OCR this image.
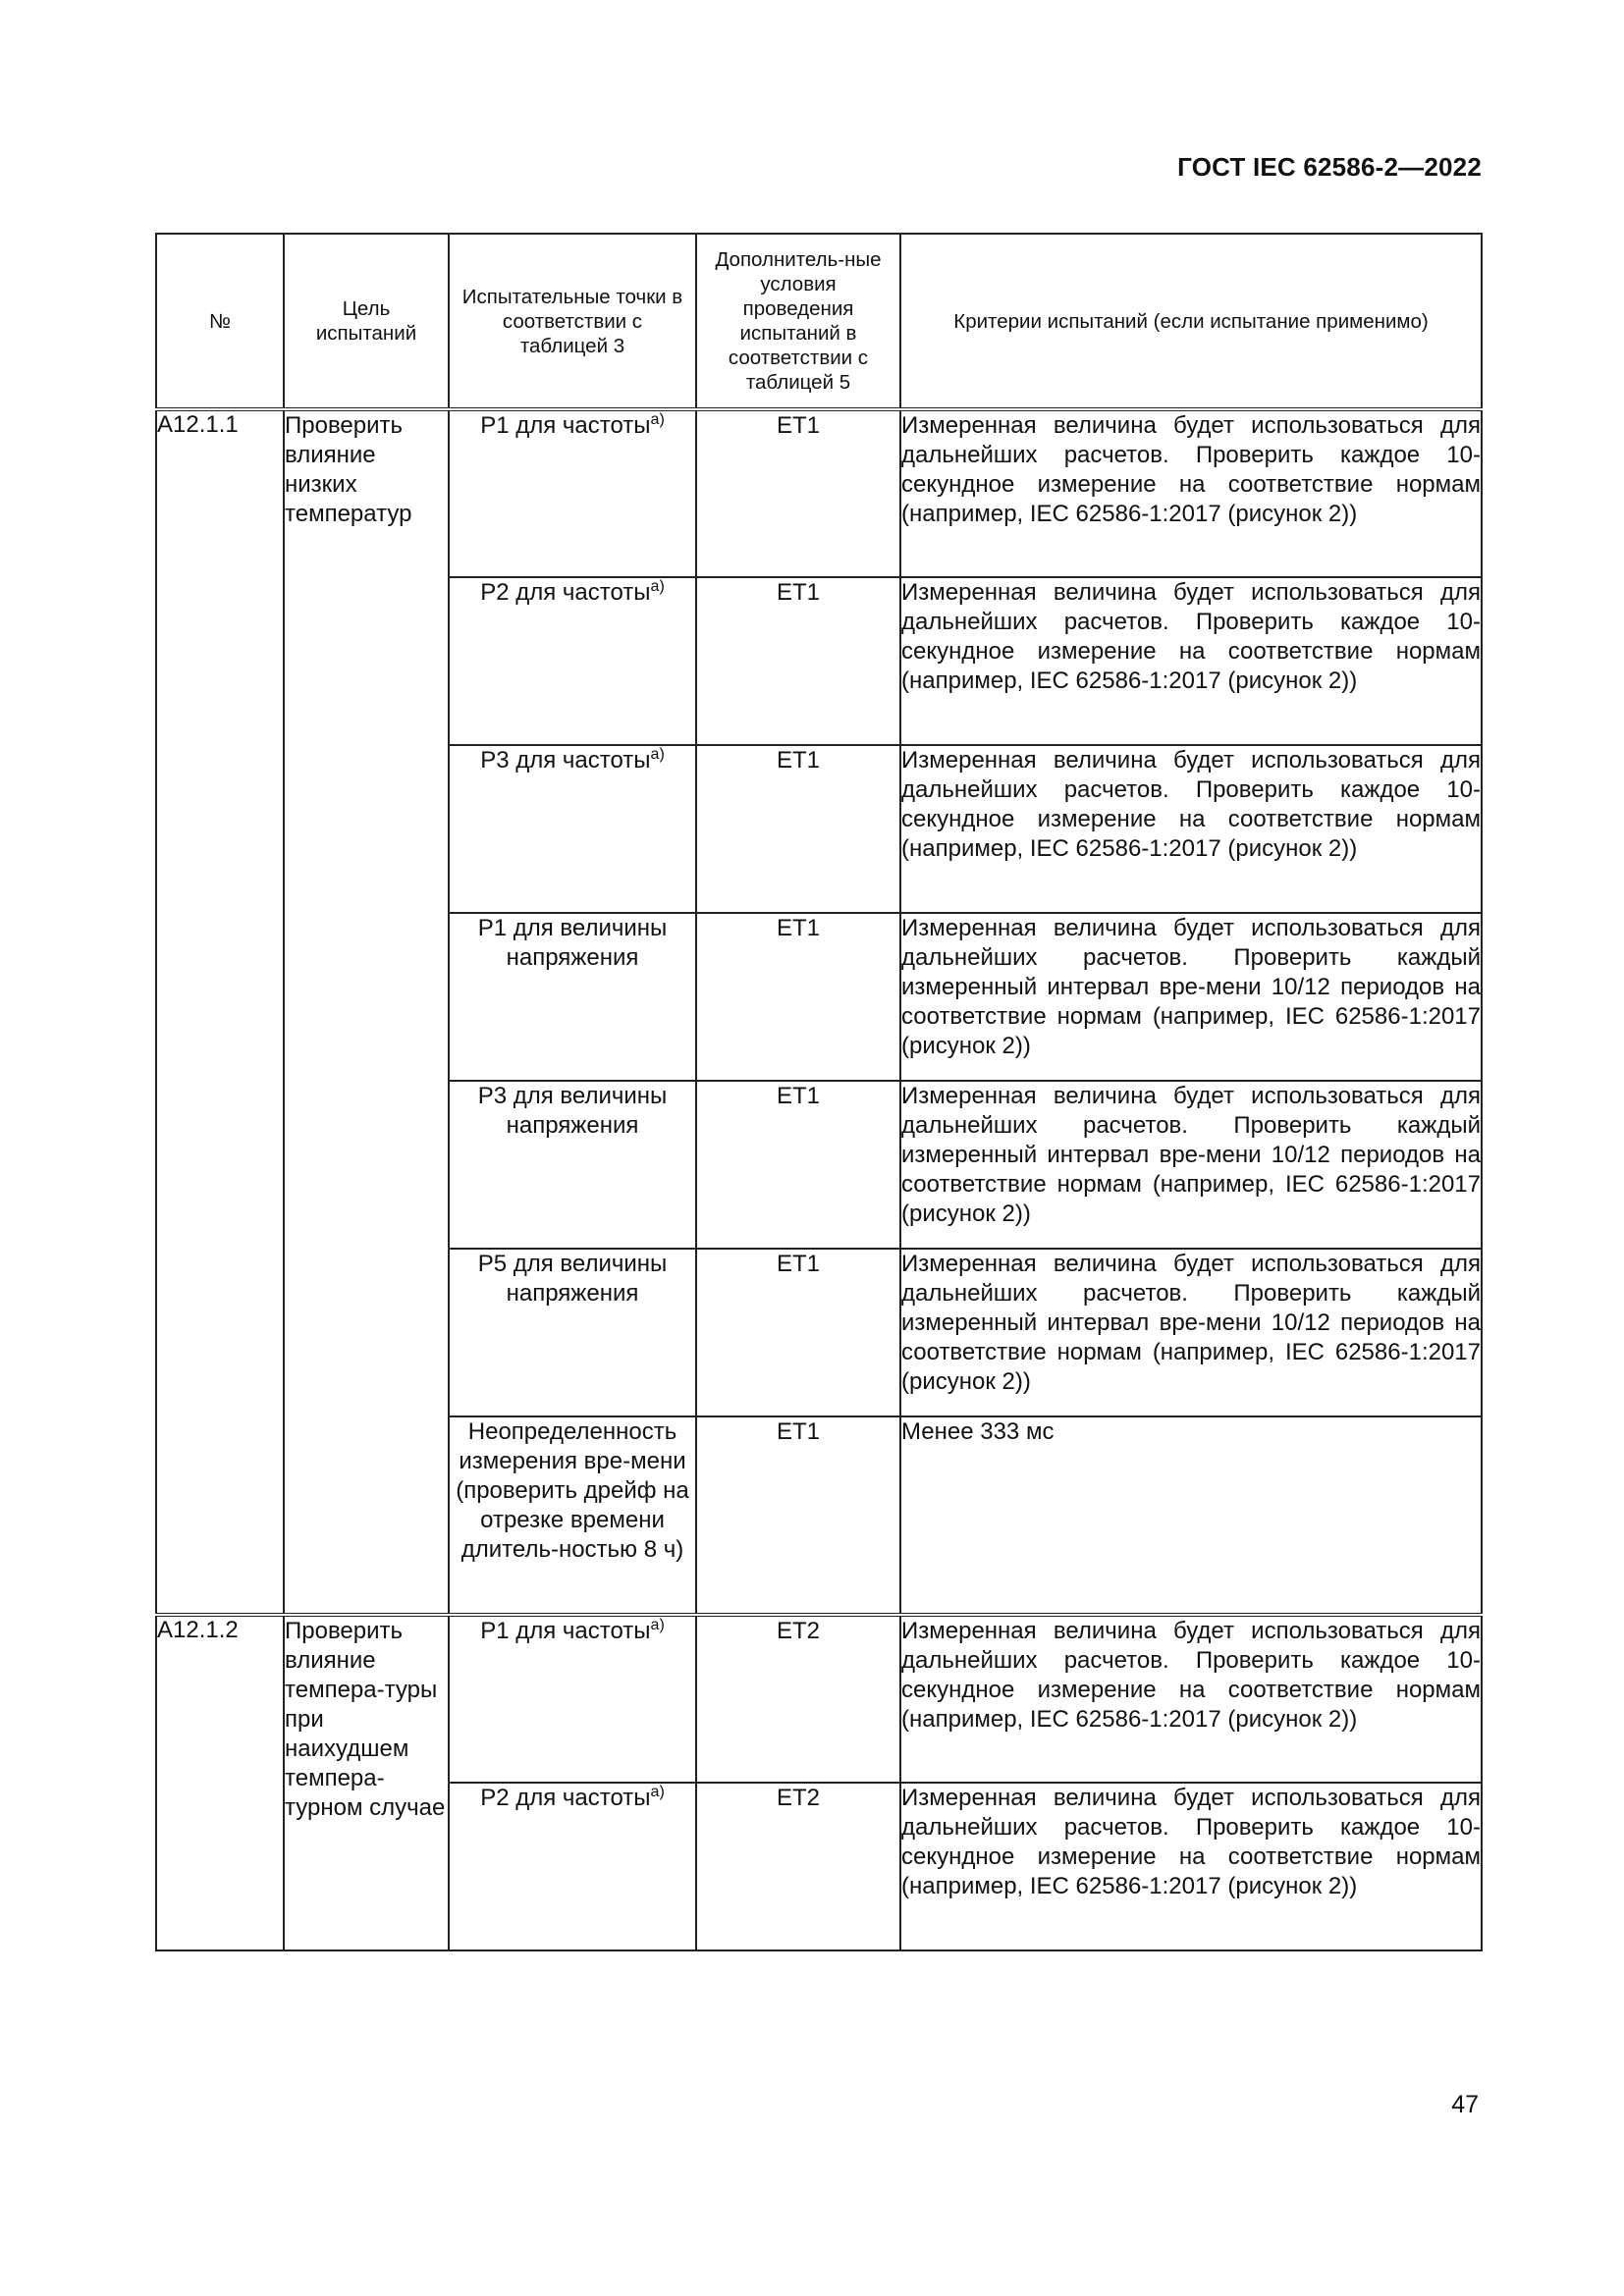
ГОСТ IEC 62586-2—2022
№	Цель испытаний	Испытательные точки в соответствии с таблицей 3	Дополнитель-ные условия проведения испытаний в соответствии с таблицей 5	Критерии испытаний (если испытание применимо)
A12.1.1	Проверить влияние низких температур	P1 для частоты$^{a)}$	ET1	Измеренная величина будет использоваться для дальнейших расчетов. Проверить каждое 10-секундное измерение на соответствие нормам (например, IEC 62586-1:2017 (рисунок 2))
		P2 для частоты$^{a)}$	ET1	Измеренная величина будет использоваться для дальнейших расчетов. Проверить каждое 10-секундное измерение на соответствие нормам (например, IEC 62586-1:2017 (рисунок 2))
		P3 для частоты$^{a)}$	ET1	Измеренная величина будет использоваться для дальнейших расчетов. Проверить каждое 10-секундное измерение на соответствие нормам (например, IEC 62586-1:2017 (рисунок 2))
		P1 для величины напряжения	ET1	Измеренная величина будет использоваться для дальнейших расчетов. Проверить каждый измеренный интервал вре-мени 10/12 периодов на соответствие нормам (например, IEC 62586-1:2017 (рисунок 2))
		P3 для величины напряжения	ET1	Измеренная величина будет использоваться для дальнейших расчетов. Проверить каждый измеренный интервал вре-мени 10/12 периодов на соответствие нормам (например, IEC 62586-1:2017 (рисунок 2))
		P5 для величины напряжения	ET1	Измеренная величина будет использоваться для дальнейших расчетов. Проверить каждый измеренный интервал вре-мени 10/12 периодов на соответствие нормам (например, IEC 62586-1:2017 (рисунок 2))
		Неопределенность измерения вре-мени (проверить дрейф на отрезке времени длитель-ностью 8 ч)	ET1	Менее 333 мс
A12.1.2	Проверить влияние темпера-туры при наихудшем темпера-турном случае	P1 для частоты$^{a)}$	ET2	Измеренная величина будет использоваться для дальнейших расчетов. Проверить каждое 10-секундное измерение на соответствие нормам (например, IEC 62586-1:2017 (рисунок 2))
		P2 для частоты$^{a)}$	ET2	Измеренная величина будет использоваться для дальнейших расчетов. Проверить каждое 10-секундное измерение на соответствие нормам (например, IEC 62586-1:2017 (рисунок 2))
47
